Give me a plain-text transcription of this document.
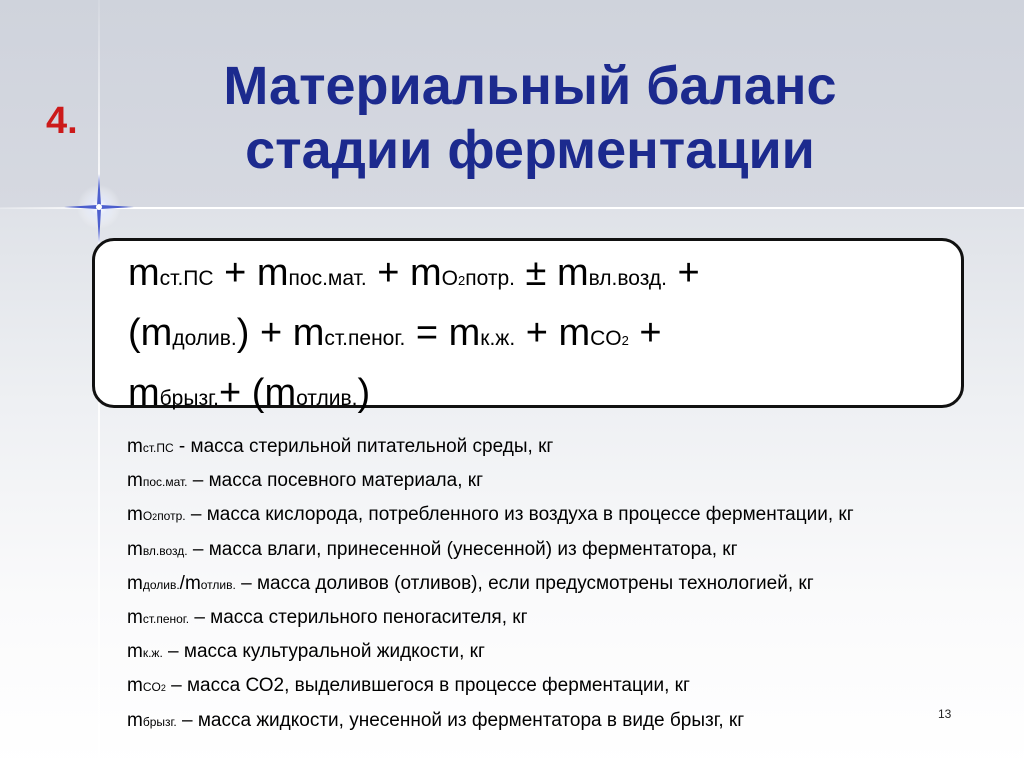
4.
Материальный баланс
стадии ферментации
mст.ПС + mпос.мат. + mO2потр. ± mвл.возд. +
(mдолив.) + mст.пеног. = mк.ж. + mCO2 +
mбрызг.+ (mотлив.)
mст.ПС - масса стерильной питательной среды, кг
mпос.мат. – масса посевного материала, кг
mO2потр. – масса кислорода, потребленного из воздуха в процессе ферментации, кг
mвл.возд. – масса влаги, принесенной (унесенной) из ферментатора, кг
mдолив./mотлив. – масса доливов (отливов), если предусмотрены технологией, кг
mст.пеног. – масса стерильного пеногасителя, кг
mк.ж. – масса культуральной жидкости, кг
mCO2 – масса СО2, выделившегося в процессе ферментации, кг
mбрызг. – масса жидкости, унесенной из ферментатора в виде брызг, кг	13
